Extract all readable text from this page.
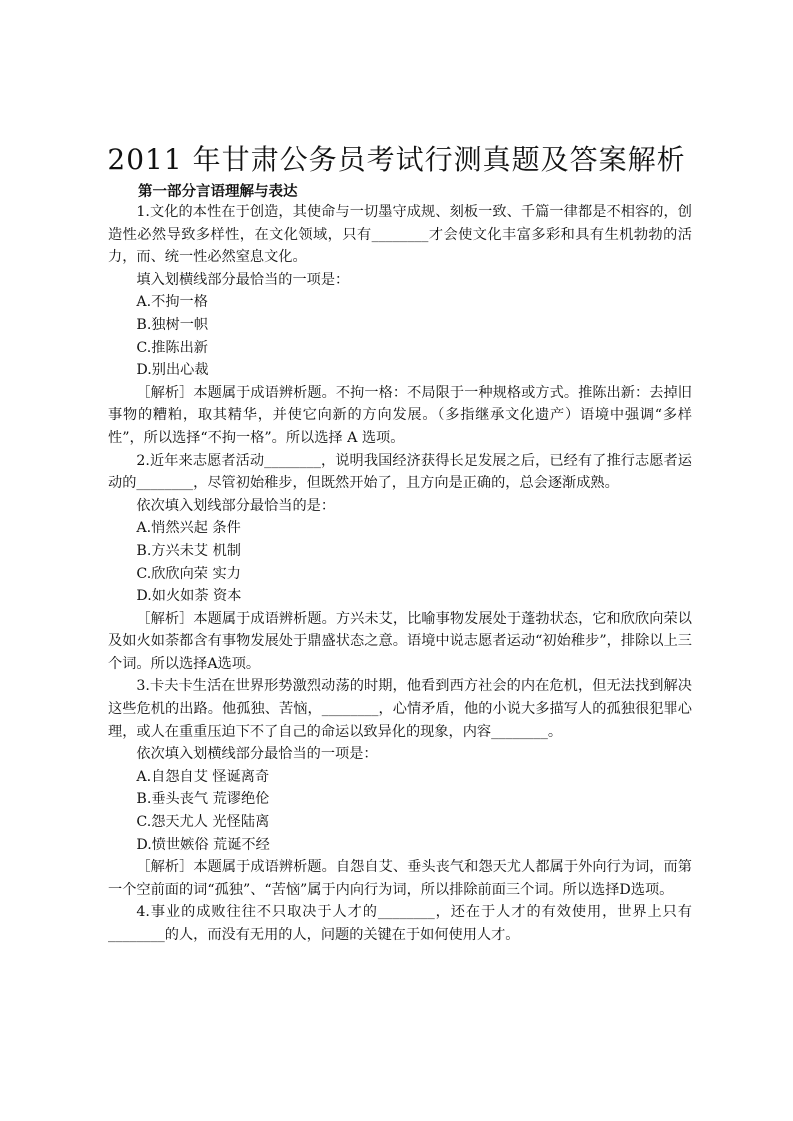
2011 年甘肃公务员考试行测真题及答案解析
第一部分言语理解与表达

1.文化的本性在于创造，其使命与一切墨守成规、刻板一致、千篇一律都是不相容的，创造性必然导致多样性，在文化领域，只有________才会使文化丰富多彩和具有生机勃勃的活力，而、统一性必然窒息文化。

填入划横线部分最恰当的一项是：

A.不拘一格

B.独树一帜

C.推陈出新

D.别出心裁

［解析］本题属于成语辨析题。不拘一格：不局限于一种规格或方式。推陈出新：去掉旧事物的糟粕，取其精华，并使它向新的方向发展。（多指继承文化遗产）语境中强调“多样性”，所以选择“不拘一格”。所以选择 A 选项。

2.近年来志愿者活动________，说明我国经济获得长足发展之后，已经有了推行志愿者运动的________，尽管初始稚步，但既然开始了，且方向是正确的，总会逐渐成熟。

依次填入划线部分最恰当的是：

A.悄然兴起 条件

B.方兴未艾 机制

C.欣欣向荣 实力

D.如火如荼 资本

［解析］本题属于成语辨析题。方兴未艾，比喻事物发展处于蓬勃状态，它和欣欣向荣以及如火如荼都含有事物发展处于鼎盛状态之意。语境中说志愿者运动“初始稚步”，排除以上三个词。所以选择A选项。

3.卡夫卡生活在世界形势激烈动荡的时期，他看到西方社会的内在危机，但无法找到解决这些危机的出路。他孤独、苦恼，________，心情矛盾，他的小说大多描写人的孤独很犯罪心理，或人在重重压迫下不了自己的命运以致异化的现象，内容________。

依次填入划横线部分最恰当的一项是：

A.自怨自艾 怪诞离奇

B.垂头丧气 荒谬绝伦

C.怨天尤人 光怪陆离

D.愤世嫉俗 荒诞不经

［解析］本题属于成语辨析题。自怨自艾、垂头丧气和怨天尤人都属于外向行为词，而第一个空前面的词“孤独”、“苦恼”属于内向行为词，所以排除前面三个词。所以选择D选项。

4.事业的成败往往不只取决于人才的________，还在于人才的有效使用，世界上只有________的人，而没有无用的人，问题的关键在于如何使用人才。
